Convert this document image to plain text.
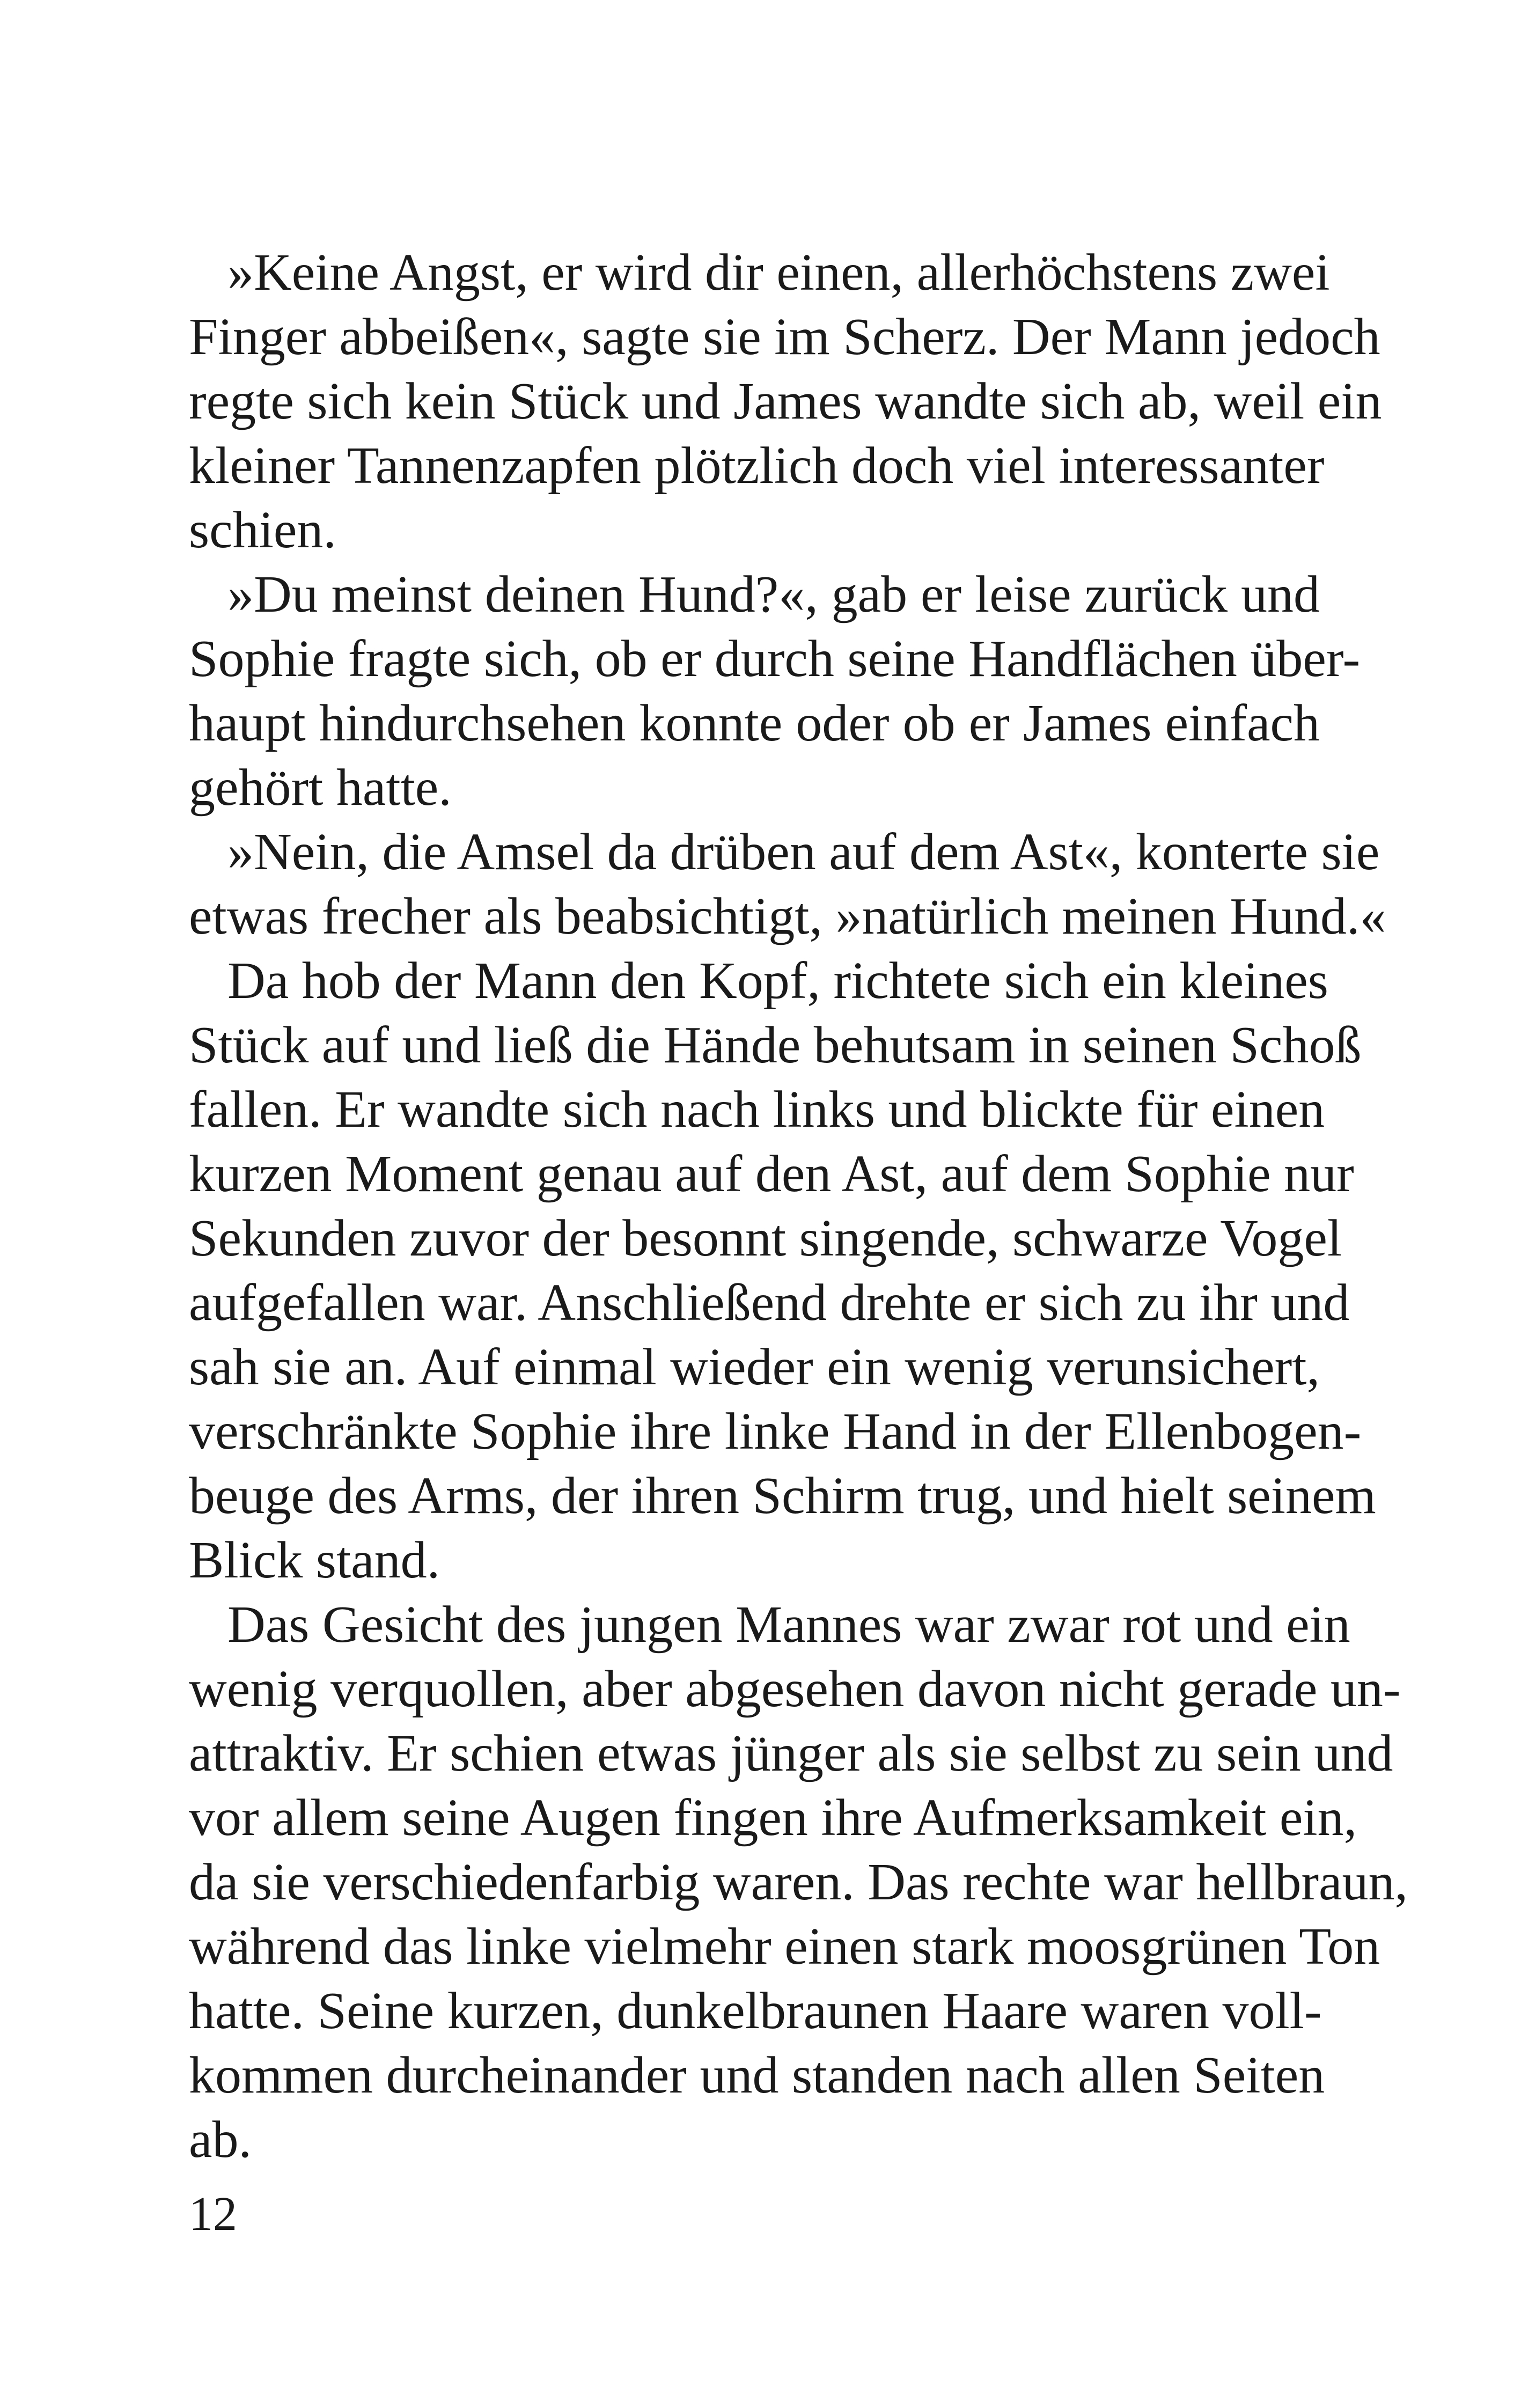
»Keine Angst, er wird dir einen, allerhöchstens zwei
Finger abbeißen«, sagte sie im Scherz. Der Mann jedoch
regte sich kein Stück und James wandte sich ab, weil ein
kleiner Tannenzapfen plötzlich doch viel interessanter
schien.
»Du meinst deinen Hund?«, gab er leise zurück und
Sophie fragte sich, ob er durch seine Handflächen über-
haupt hindurchsehen konnte oder ob er James einfach
gehört hatte.
»Nein, die Amsel da drüben auf dem Ast«, konterte sie
etwas frecher als beabsichtigt, »natürlich meinen Hund.«
Da hob der Mann den Kopf, richtete sich ein kleines
Stück auf und ließ die Hände behutsam in seinen Schoß
fallen. Er wandte sich nach links und blickte für einen
kurzen Moment genau auf den Ast, auf dem Sophie nur
Sekunden zuvor der besonnt singende, schwarze Vogel
aufgefallen war. Anschließend drehte er sich zu ihr und
sah sie an. Auf einmal wieder ein wenig verunsichert,
verschränkte Sophie ihre linke Hand in der Ellenbogen-
beuge des Arms, der ihren Schirm trug, und hielt seinem
Blick stand.
Das Gesicht des jungen Mannes war zwar rot und ein
wenig verquollen, aber abgesehen davon nicht gerade un-
attraktiv. Er schien etwas jünger als sie selbst zu sein und
vor allem seine Augen fingen ihre Aufmerksamkeit ein,
da sie verschiedenfarbig waren. Das rechte war hellbraun,
während das linke vielmehr einen stark moosgrünen Ton
hatte. Seine kurzen, dunkelbraunen Haare waren voll-
kommen durcheinander und standen nach allen Seiten
ab.
12
